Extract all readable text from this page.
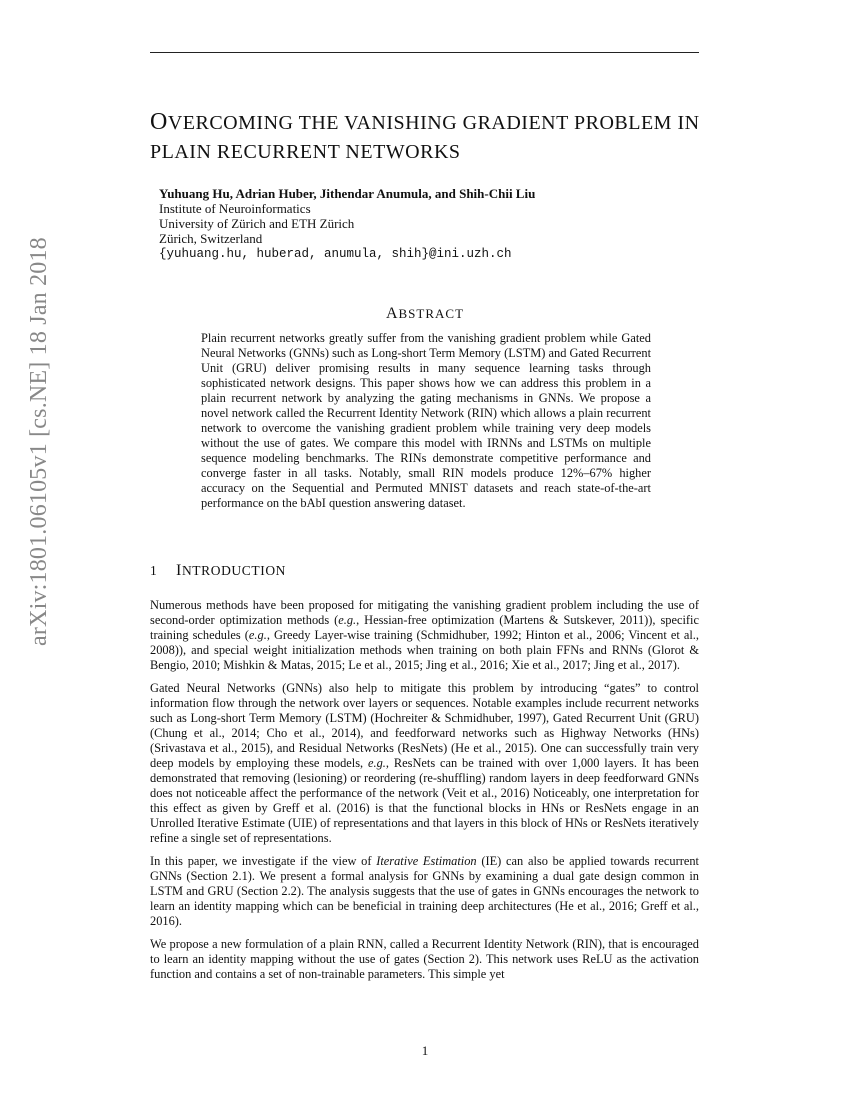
arXiv:1801.06105v1 [cs.NE] 18 Jan 2018
OVERCOMING THE VANISHING GRADIENT PROBLEM IN
PLAIN RECURRENT NETWORKS
Yuhuang Hu, Adrian Huber, Jithendar Anumula, and Shih-Chii Liu
Institute of Neuroinformatics
University of Zürich and ETH Zürich
Zürich, Switzerland
{yuhuang.hu, huberad, anumula, shih}@ini.uzh.ch
ABSTRACT

Plain recurrent networks greatly suffer from the vanishing gradient problem while Gated Neural Networks (GNNs) such as Long-short Term Memory (LSTM) and Gated Recurrent Unit (GRU) deliver promising results in many sequence learning tasks through sophisticated network designs. This paper shows how we can address this problem in a plain recurrent network by analyzing the gating mechanisms in GNNs. We propose a novel network called the Recurrent Identity Network (RIN) which allows a plain recurrent network to overcome the vanishing gradient problem while training very deep models without the use of gates. We compare this model with IRNNs and LSTMs on multiple sequence modeling benchmarks. The RINs demonstrate competitive performance and converge faster in all tasks. Notably, small RIN models produce 12%–67% higher accuracy on the Sequential and Permuted MNIST datasets and reach state-of-the-art performance on the bAbI question answering dataset.

1 INTRODUCTION

Numerous methods have been proposed for mitigating the vanishing gradient problem including the use of second-order optimization methods (e.g., Hessian-free optimization (Martens & Sutskever, 2011)), specific training schedules (e.g., Greedy Layer-wise training (Schmidhuber, 1992; Hinton et al., 2006; Vincent et al., 2008)), and special weight initialization methods when training on both plain FFNs and RNNs (Glorot & Bengio, 2010; Mishkin & Matas, 2015; Le et al., 2015; Jing et al., 2016; Xie et al., 2017; Jing et al., 2017).

Gated Neural Networks (GNNs) also help to mitigate this problem by introducing “gates” to control information flow through the network over layers or sequences. Notable examples include recurrent networks such as Long-short Term Memory (LSTM) (Hochreiter & Schmidhuber, 1997), Gated Recurrent Unit (GRU) (Chung et al., 2014; Cho et al., 2014), and feedforward networks such as Highway Networks (HNs) (Srivastava et al., 2015), and Residual Networks (ResNets) (He et al., 2015). One can successfully train very deep models by employing these models, e.g., ResNets can be trained with over 1,000 layers. It has been demonstrated that removing (lesioning) or reordering (re-shuffling) random layers in deep feedforward GNNs does not noticeable affect the performance of the network (Veit et al., 2016) Noticeably, one interpretation for this effect as given by Greff et al. (2016) is that the functional blocks in HNs or ResNets engage in an Unrolled Iterative Estimate (UIE) of representations and that layers in this block of HNs or ResNets iteratively refine a single set of representations.

In this paper, we investigate if the view of Iterative Estimation (IE) can also be applied towards recurrent GNNs (Section 2.1). We present a formal analysis for GNNs by examining a dual gate design common in LSTM and GRU (Section 2.2). The analysis suggests that the use of gates in GNNs encourages the network to learn an identity mapping which can be beneficial in training deep architectures (He et al., 2016; Greff et al., 2016).

We propose a new formulation of a plain RNN, called a Recurrent Identity Network (RIN), that is encouraged to learn an identity mapping without the use of gates (Section 2). This network uses ReLU as the activation function and contains a set of non-trainable parameters. This simple yet

1
